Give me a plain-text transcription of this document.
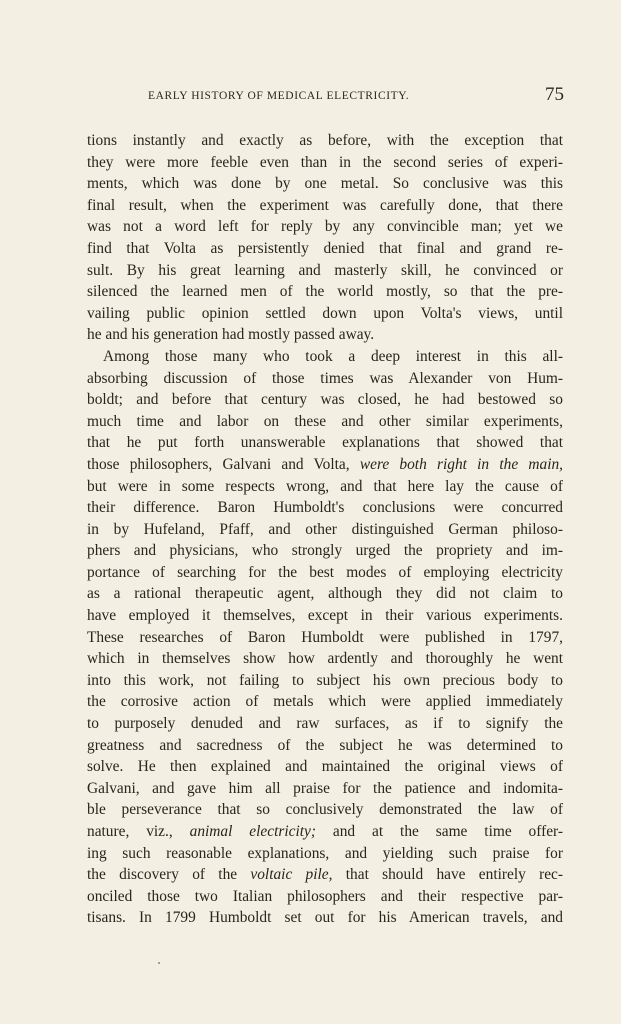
EARLY HISTORY OF MEDICAL ELECTRICITY.	75
tions instantly and exactly as before, with the exception that
they were more feeble even than in the second series of experi-
ments, which was done by one metal. So conclusive was this
final result, when the experiment was carefully done, that there
was not a word left for reply by any convincible man; yet we
find that Volta as persistently denied that final and grand re-
sult. By his great learning and masterly skill, he convinced or
silenced the learned men of the world mostly, so that the pre-
vailing public opinion settled down upon Volta's views, until
he and his generation had mostly passed away.
Among those many who took a deep interest in this all-
absorbing discussion of those times was Alexander von Hum-
boldt; and before that century was closed, he had bestowed so
much time and labor on these and other similar experiments,
that he put forth unanswerable explanations that showed that
those philosophers, Galvani and Volta, were both right in the main,
but were in some respects wrong, and that here lay the cause of
their difference. Baron Humboldt's conclusions were concurred
in by Hufeland, Pfaff, and other distinguished German philoso-
phers and physicians, who strongly urged the propriety and im-
portance of searching for the best modes of employing electricity
as a rational therapeutic agent, although they did not claim to
have employed it themselves, except in their various experiments.
These researches of Baron Humboldt were published in 1797,
which in themselves show how ardently and thoroughly he went
into this work, not failing to subject his own precious body to
the corrosive action of metals which were applied immediately
to purposely denuded and raw surfaces, as if to signify the
greatness and sacredness of the subject he was determined to
solve. He then explained and maintained the original views of
Galvani, and gave him all praise for the patience and indomita-
ble perseverance that so conclusively demonstrated the law of
nature, viz., animal electricity; and at the same time offer-
ing such reasonable explanations, and yielding such praise for
the discovery of the voltaic pile, that should have entirely rec-
onciled those two Italian philosophers and their respective par-
tisans. In 1799 Humboldt set out for his American travels, and
